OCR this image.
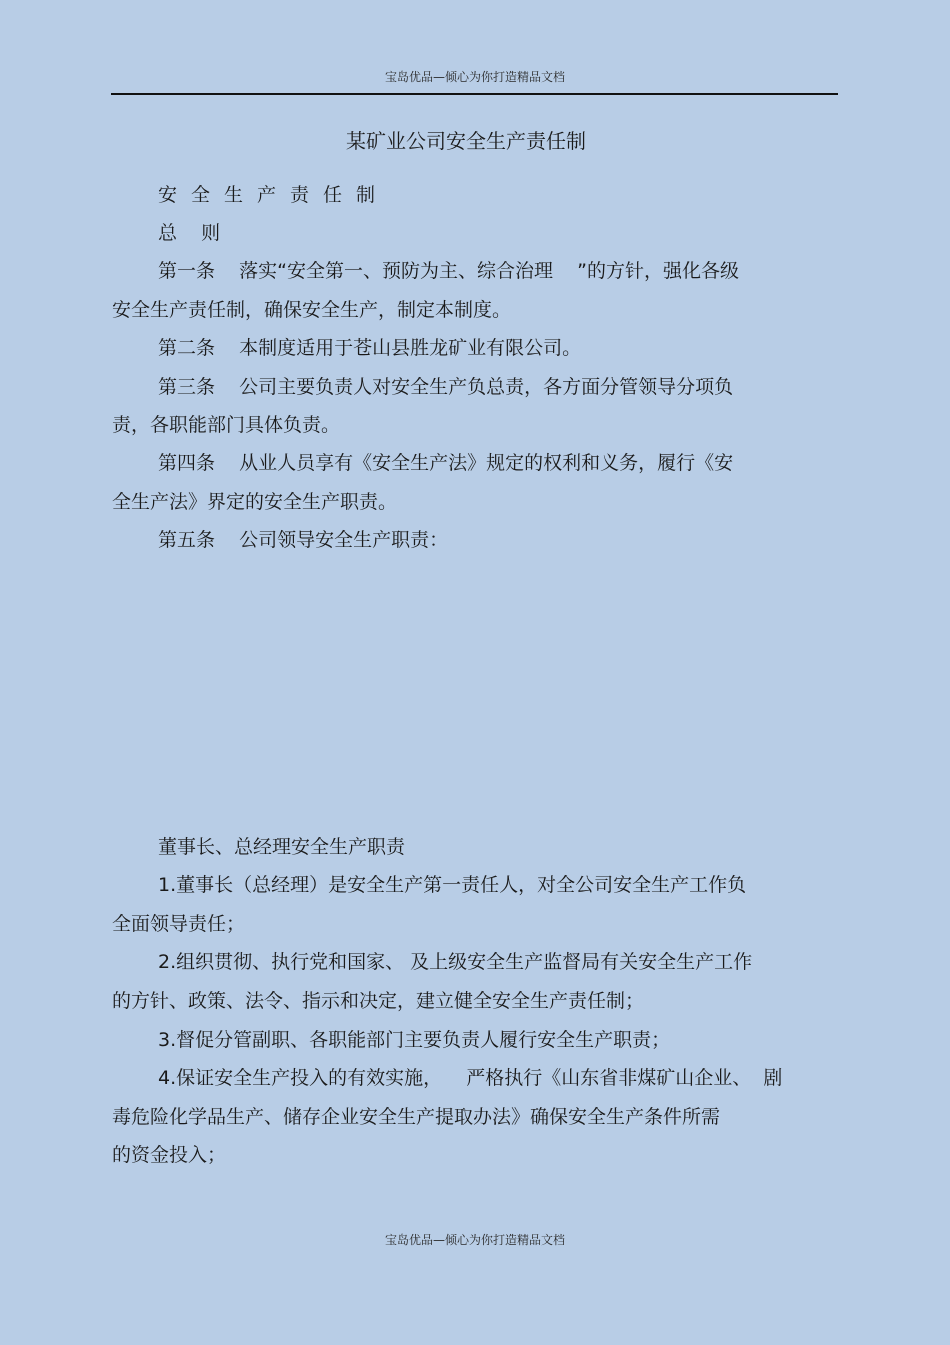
宝岛优品—倾心为你打造精品文档
某矿业公司安全生产责任制
安全生产责任制
总    则
第一条    落实“安全第一、预防为主、综合治理    ”的方针，强化各级
安全生产责任制，确保安全生产，制定本制度。
第二条    本制度适用于苍山县胜龙矿业有限公司。
第三条    公司主要负责人对安全生产负总责，各方面分管领导分项负
责，各职能部门具体负责。
第四条    从业人员享有《安全生产法》规定的权利和义务，履行《安
全生产法》界定的安全生产职责。
第五条    公司领导安全生产职责：
董事长、总经理安全生产职责
1.董事长（总经理）是安全生产第一责任人，对全公司安全生产工作负
全面领导责任；
2.组织贯彻、执行党和国家、 及上级安全生产监督局有关安全生产工作
的方针、政策、法令、指示和决定，建立健全安全生产责任制；
3.督促分管副职、各职能部门主要负责人履行安全生产职责；
4.保证安全生产投入的有效实施，    严格执行《山东省非煤矿山企业、  剧
毒危险化学品生产、储存企业安全生产提取办法》确保安全生产条件所需
的资金投入；
宝岛优品—倾心为你打造精品文档
